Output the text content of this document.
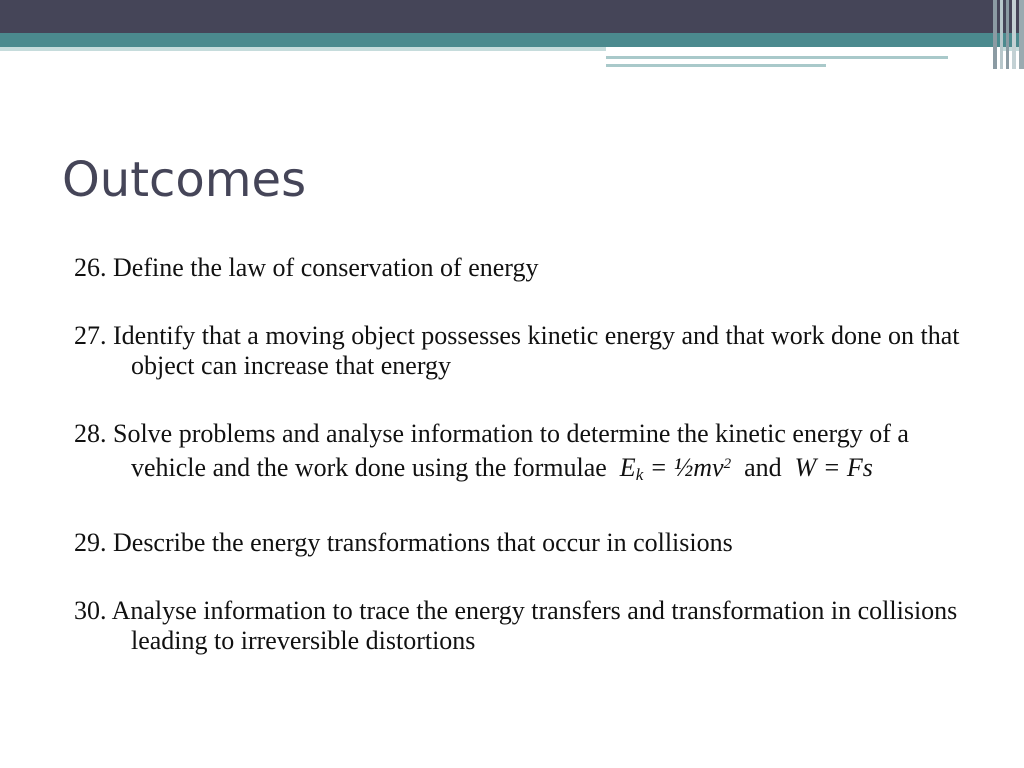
Outcomes
26. Define the law of conservation of energy
27. Identify that a moving object possesses kinetic energy and that work done on that object can increase that energy
28. Solve problems and analyse information to determine the kinetic energy of a vehicle and the work done using the formulae $E_k$ = $\frac{1}{2}mv^2$ and W = Fs
29. Describe the energy transformations that occur in collisions
30. Analyse information to trace the energy transfers and transformation in collisions leading to irreversible distortions
